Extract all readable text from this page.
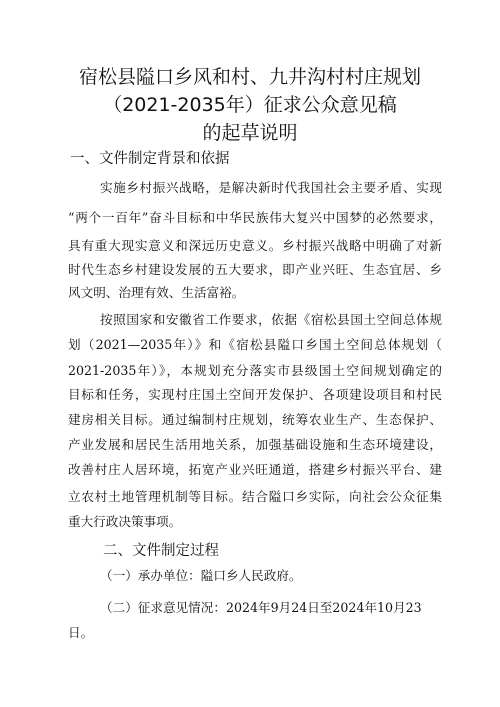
宿松县隘口乡风和村、九井沟村村庄规划
（2021-2035年）征求公众意见稿
的起草说明
一、文件制定背景和依据
实施乡村振兴战略，是解决新时代我国社会主要矛盾、实现
“两个一百年”奋斗目标和中华民族伟大复兴中国梦的必然要求，
具有重大现实意义和深远历史意义。乡村振兴战略中明确了对新
时代生态乡村建设发展的五大要求，即产业兴旺、生态宜居、乡
风文明、治理有效、生活富裕。
按照国家和安徽省工作要求，依据《宿松县国土空间总体规
划（2021—2035年）》和《宿松县隘口乡国土空间总体规划（
2021-2035年）》，本规划充分落实市县级国土空间规划确定的
目标和任务，实现村庄国土空间开发保护、各项建设项目和村民
建房相关目标。通过编制村庄规划，统筹农业生产、生态保护、
产业发展和居民生活用地关系，加强基础设施和生态环境建设，
改善村庄人居环境，拓宽产业兴旺通道，搭建乡村振兴平台、建
立农村土地管理机制等目标。结合隘口乡实际，向社会公众征集
重大行政决策事项。
二、文件制定过程
（一）承办单位：隘口乡人民政府。
（二）征求意见情况：2024年9月24日至2024年10月23
日。
